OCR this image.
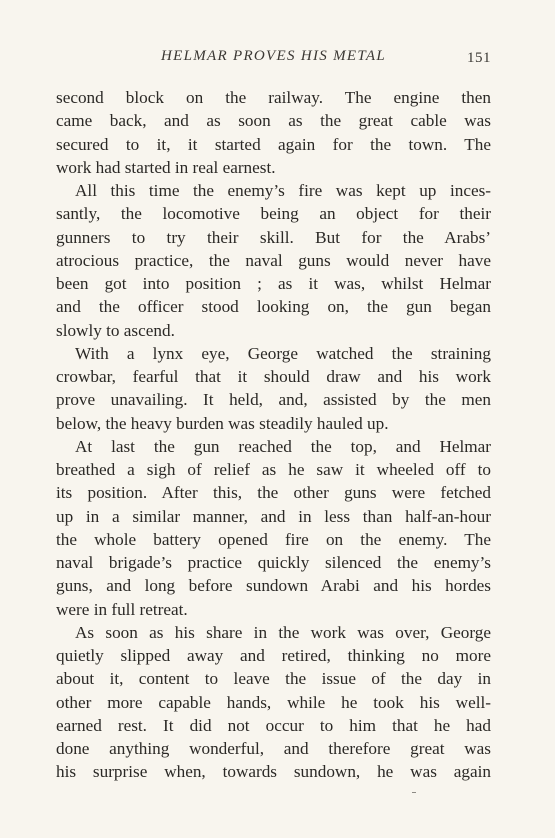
HELMAR PROVES HIS METAL	151
second block on the railway. The engine then
came back, and as soon as the great cable was
secured to it, it started again for the town. The
work had started in real earnest.
All this time the enemy’s fire was kept up inces-
santly, the locomotive being an object for their
gunners to try their skill. But for the Arabs’
atrocious practice, the naval guns would never have
been got into position ; as it was, whilst Helmar
and the officer stood looking on, the gun began
slowly to ascend.
With a lynx eye, George watched the straining
crowbar, fearful that it should draw and his work
prove unavailing. It held, and, assisted by the men
below, the heavy burden was steadily hauled up.
At last the gun reached the top, and Helmar
breathed a sigh of relief as he saw it wheeled off to
its position. After this, the other guns were fetched
up in a similar manner, and in less than half-an-hour
the whole battery opened fire on the enemy. The
naval brigade’s practice quickly silenced the enemy’s
guns, and long before sundown Arabi and his hordes
were in full retreat.
As soon as his share in the work was over, George
quietly slipped away and retired, thinking no more
about it, content to leave the issue of the day in
other more capable hands, while he took his well-
earned rest. It did not occur to him that he had
done anything wonderful, and therefore great was
his surprise when, towards sundown, he was again
